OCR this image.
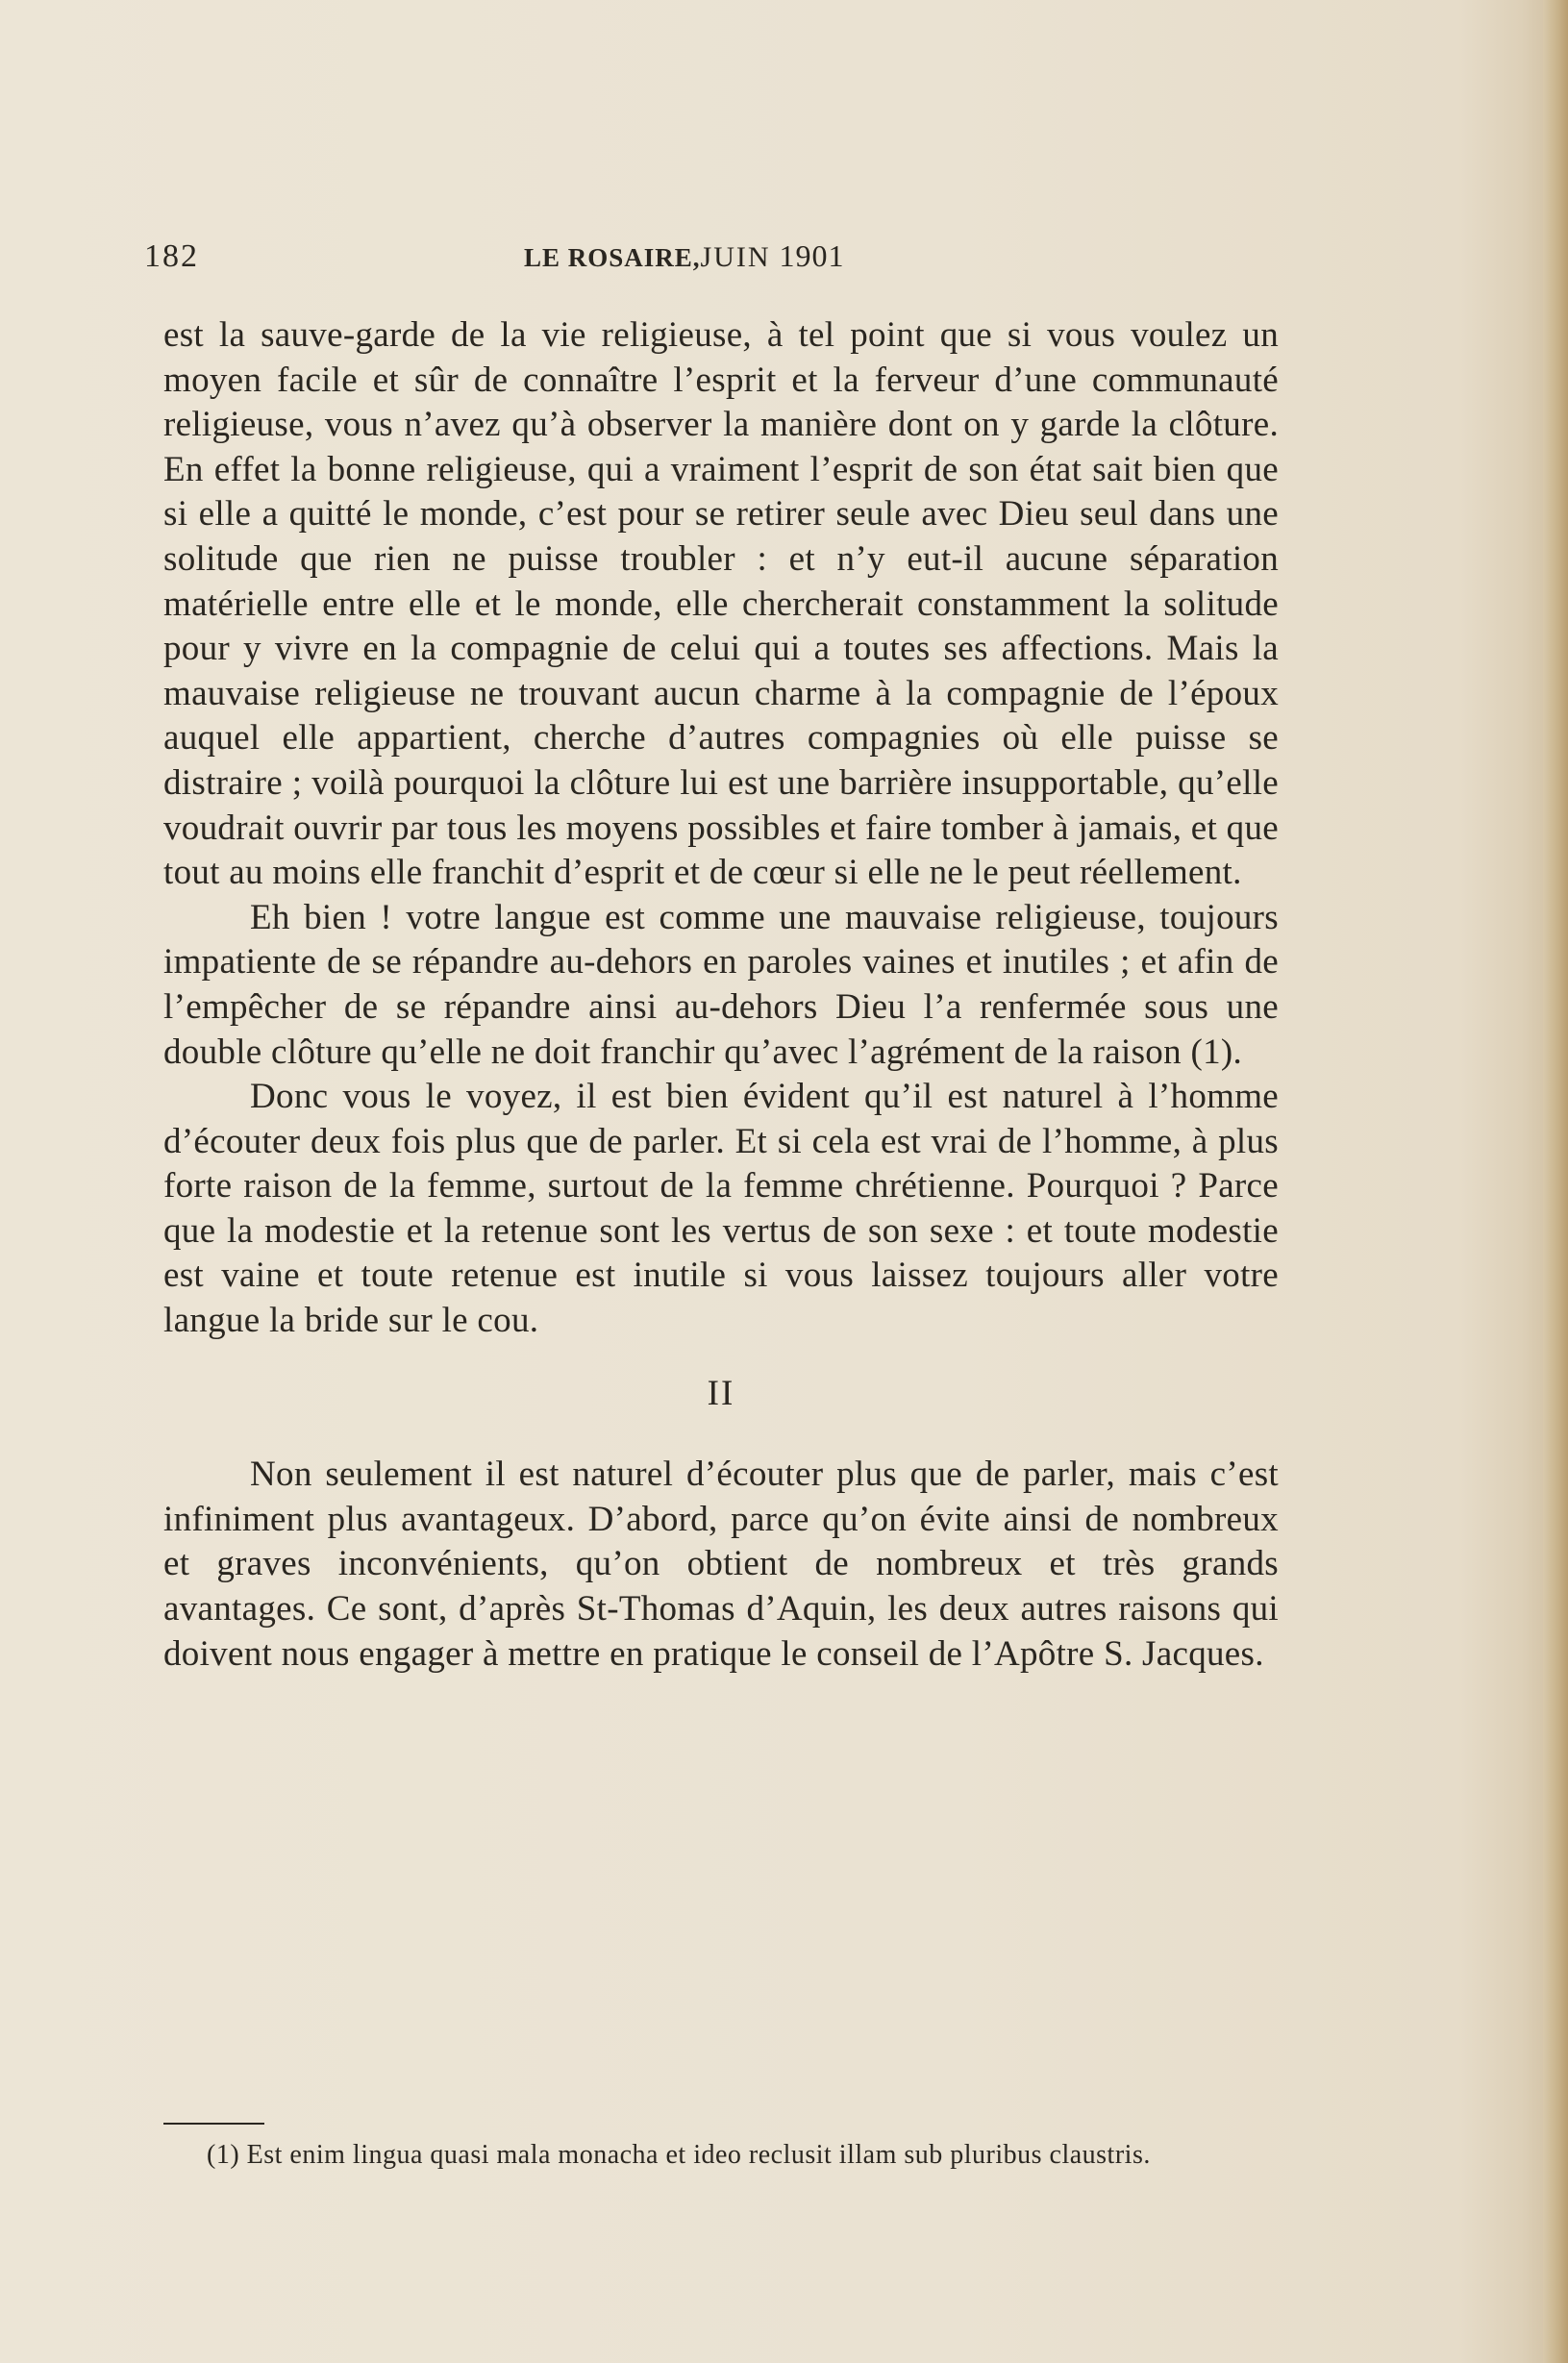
182	LE ROSAIRE,JUIN 1901

est la sauve-garde de la vie religieuse, à tel point que si vous voulez un moyen facile et sûr de connaître l’esprit et la ferveur d’une communauté religieuse, vous n’avez qu’à observer la manière dont on y garde la clôture. En effet la bonne religieuse, qui a vraiment l’esprit de son état sait bien que si elle a quitté le monde, c’est pour se retirer seule avec Dieu seul dans une solitude que rien ne puisse troubler : et n’y eut-il aucune séparation matérielle entre elle et le monde, elle chercherait constamment la solitude pour y vivre en la compagnie de celui qui a toutes ses affections. Mais la mauvaise religieuse ne trouvant aucun charme à la compagnie de l’époux auquel elle appartient, cherche d’autres compagnies où elle puisse se distraire ; voilà pourquoi la clôture lui est une barrière insupportable, qu’elle voudrait ouvrir par tous les moyens possibles et faire tomber à jamais, et que tout au moins elle franchit d’esprit et de cœur si elle ne le peut réellement.

Eh bien ! votre langue est comme une mauvaise religieuse, toujours impatiente de se répandre au-dehors en paroles vaines et inutiles ; et afin de l’empêcher de se répandre ainsi au-dehors Dieu l’a renfermée sous une double clôture qu’elle ne doit franchir qu’avec l’agrément de la raison (1).

Donc vous le voyez, il est bien évident qu’il est naturel à l’homme d’écouter deux fois plus que de parler. Et si cela est vrai de l’homme, à plus forte raison de la femme, surtout de la femme chrétienne. Pourquoi ? Parce que la modestie et la retenue sont les vertus de son sexe : et toute modestie est vaine et toute retenue est inutile si vous laissez toujours aller votre langue la bride sur le cou.

II

Non seulement il est naturel d’écouter plus que de parler, mais c’est infiniment plus avantageux. D’abord, parce qu’on évite ainsi de nombreux et graves inconvénients, qu’on obtient de nombreux et très grands avantages. Ce sont, d’après St-Thomas d’Aquin, les deux autres raisons qui doivent nous engager à mettre en pratique le conseil de l’Apôtre S. Jacques.

(1) Est enim lingua quasi mala monacha et ideo reclusit illam sub pluribus claustris.
